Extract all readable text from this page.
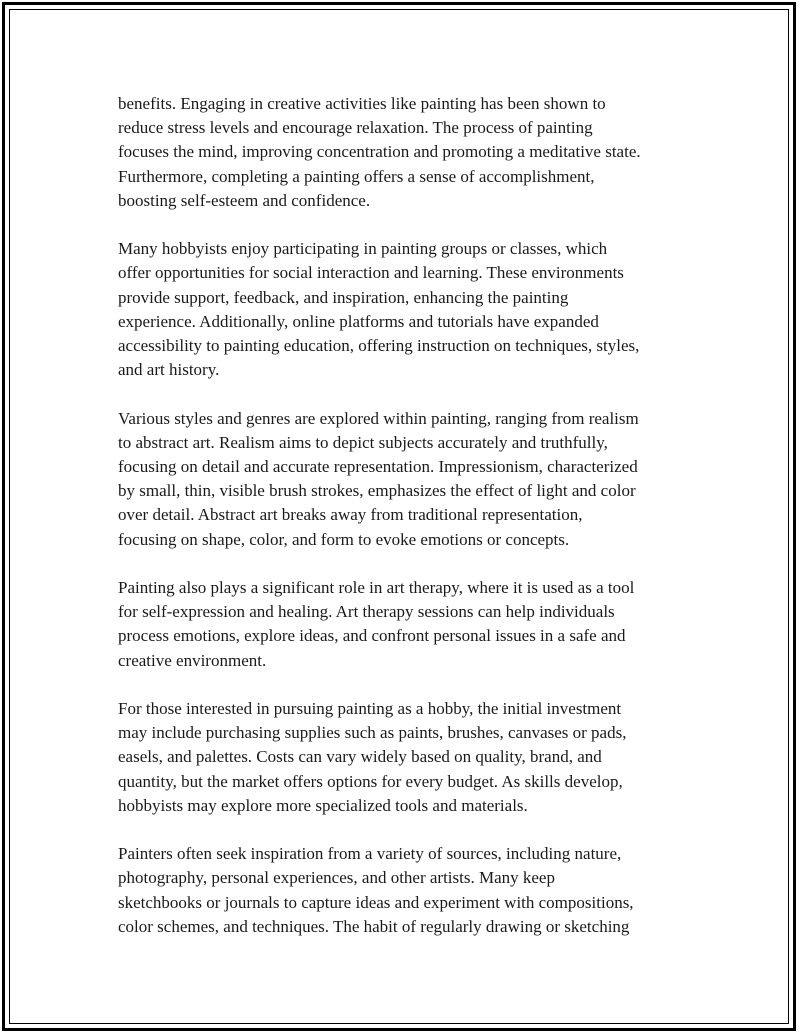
benefits. Engaging in creative activities like painting has been shown to
reduce stress levels and encourage relaxation. The process of painting
focuses the mind, improving concentration and promoting a meditative state.
Furthermore, completing a painting offers a sense of accomplishment,
boosting self-esteem and confidence.
Many hobbyists enjoy participating in painting groups or classes, which
offer opportunities for social interaction and learning. These environments
provide support, feedback, and inspiration, enhancing the painting
experience. Additionally, online platforms and tutorials have expanded
accessibility to painting education, offering instruction on techniques, styles,
and art history.
Various styles and genres are explored within painting, ranging from realism
to abstract art. Realism aims to depict subjects accurately and truthfully,
focusing on detail and accurate representation. Impressionism, characterized
by small, thin, visible brush strokes, emphasizes the effect of light and color
over detail. Abstract art breaks away from traditional representation,
focusing on shape, color, and form to evoke emotions or concepts.
Painting also plays a significant role in art therapy, where it is used as a tool
for self-expression and healing. Art therapy sessions can help individuals
process emotions, explore ideas, and confront personal issues in a safe and
creative environment.
For those interested in pursuing painting as a hobby, the initial investment
may include purchasing supplies such as paints, brushes, canvases or pads,
easels, and palettes. Costs can vary widely based on quality, brand, and
quantity, but the market offers options for every budget. As skills develop,
hobbyists may explore more specialized tools and materials.
Painters often seek inspiration from a variety of sources, including nature,
photography, personal experiences, and other artists. Many keep
sketchbooks or journals to capture ideas and experiment with compositions,
color schemes, and techniques. The habit of regularly drawing or sketching
